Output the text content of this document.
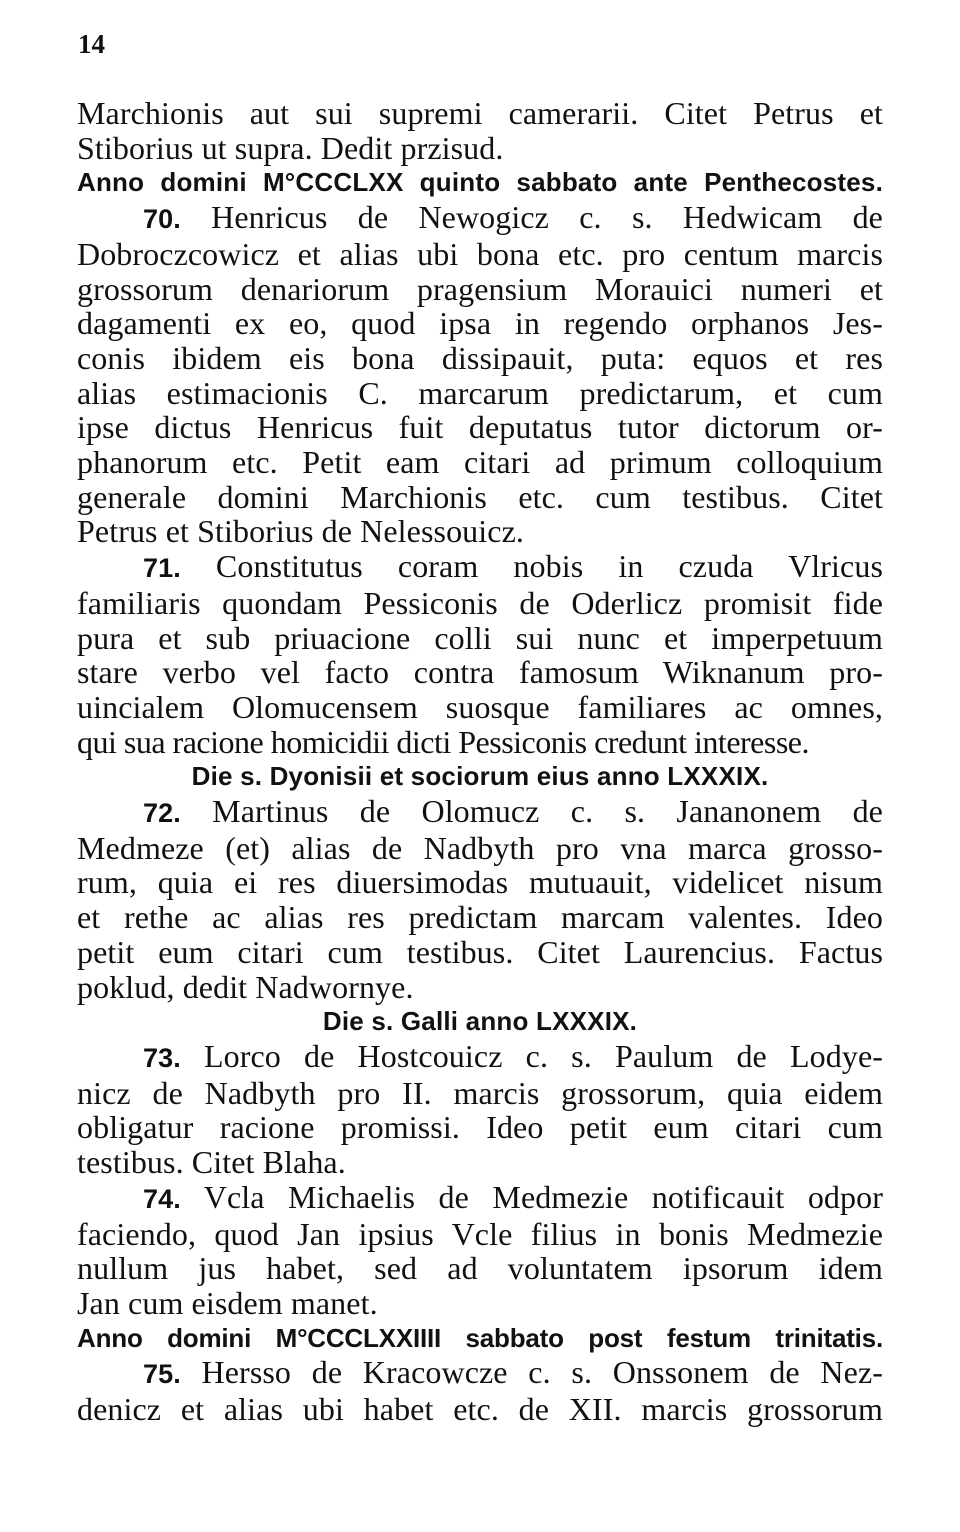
14
Marchionis aut sui supremi camerarii. Citet Petrus et
Stiborius ut supra. Dedit przisud.
Anno domini M°CCCLXX quinto sabbato ante Penthecostes.
70. Henricus de Newogicz c. s. Hedwicam de
Dobroczcowicz et alias ubi bona etc. pro centum marcis
grossorum denariorum pragensium Morauici numeri et
dagamenti ex eo, quod ipsa in regendo orphanos Jes-
conis ibidem eis bona dissipauit, puta: equos et res
alias estimacionis C. marcarum predictarum, et cum
ipse dictus Henricus fuit deputatus tutor dictorum or-
phanorum etc. Petit eam citari ad primum colloquium
generale domini Marchionis etc. cum testibus. Citet
Petrus et Stiborius de Nelessouicz.
71. Constitutus coram nobis in czuda Vlricus
familiaris quondam Pessiconis de Oderlicz promisit fide
pura et sub priuacione colli sui nunc et imperpetuum
stare verbo vel facto contra famosum Wiknanum pro-
uincialem Olomucensem suosque familiares ac omnes,
qui sua racione homicidii dicti Pessiconis credunt interesse.
Die s. Dyonisii et sociorum eius anno LXXXIX.
72. Martinus de Olomucz c. s. Jananonem de
Medmeze (et) alias de Nadbyth pro vna marca grosso-
rum, quia ei res diuersimodas mutuauit, videlicet nisum
et rethe ac alias res predictam marcam valentes. Ideo
petit eum citari cum testibus. Citet Laurencius. Factus
poklud, dedit Nadwornye.
Die s. Galli anno LXXXIX.
73. Lorco de Hostcouicz c. s. Paulum de Lodye-
nicz de Nadbyth pro II. marcis grossorum, quia eidem
obligatur racione promissi. Ideo petit eum citari cum
testibus. Citet Blaha.
74. Vcla Michaelis de Medmezie notificauit odpor
faciendo, quod Jan ipsius Vcle filius in bonis Medmezie
nullum jus habet, sed ad voluntatem ipsorum idem
Jan cum eisdem manet.
Anno domini M°CCCLXXIIII sabbato post festum trinitatis.
75. Hersso de Kracowcze c. s. Onssonem de Nez-
denicz et alias ubi habet etc. de XII. marcis grossorum
